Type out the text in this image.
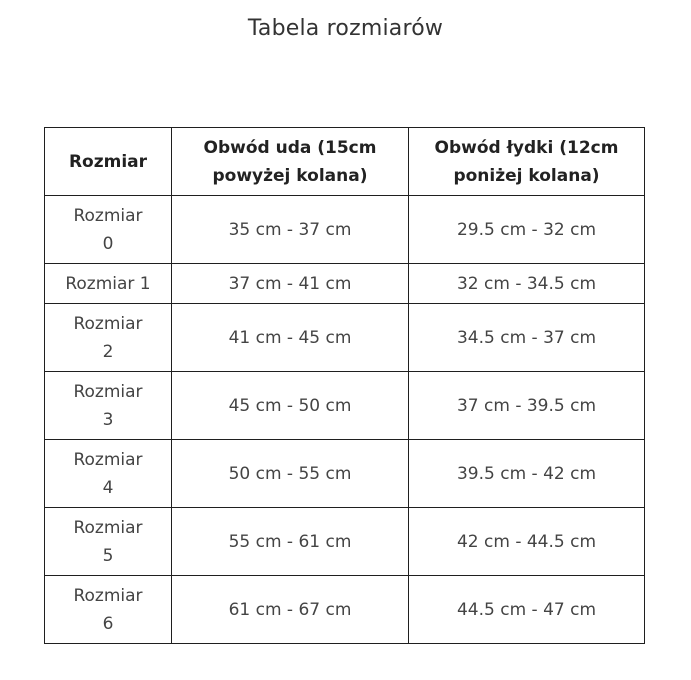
Tabela rozmiarów
Rozmiar	Obwód uda (15cm powyżej kolana)	Obwód łydki (12cm poniżej kolana)
Rozmiar 0	35 cm - 37 cm	29.5 cm - 32 cm
Rozmiar 1	37 cm - 41 cm	32 cm - 34.5 cm
Rozmiar 2	41 cm - 45 cm	34.5 cm - 37 cm
Rozmiar 3	45 cm - 50 cm	37 cm - 39.5 cm
Rozmiar 4	50 cm - 55 cm	39.5 cm - 42 cm
Rozmiar 5	55 cm - 61 cm	42 cm - 44.5 cm
Rozmiar 6	61 cm - 67 cm	44.5 cm - 47 cm
